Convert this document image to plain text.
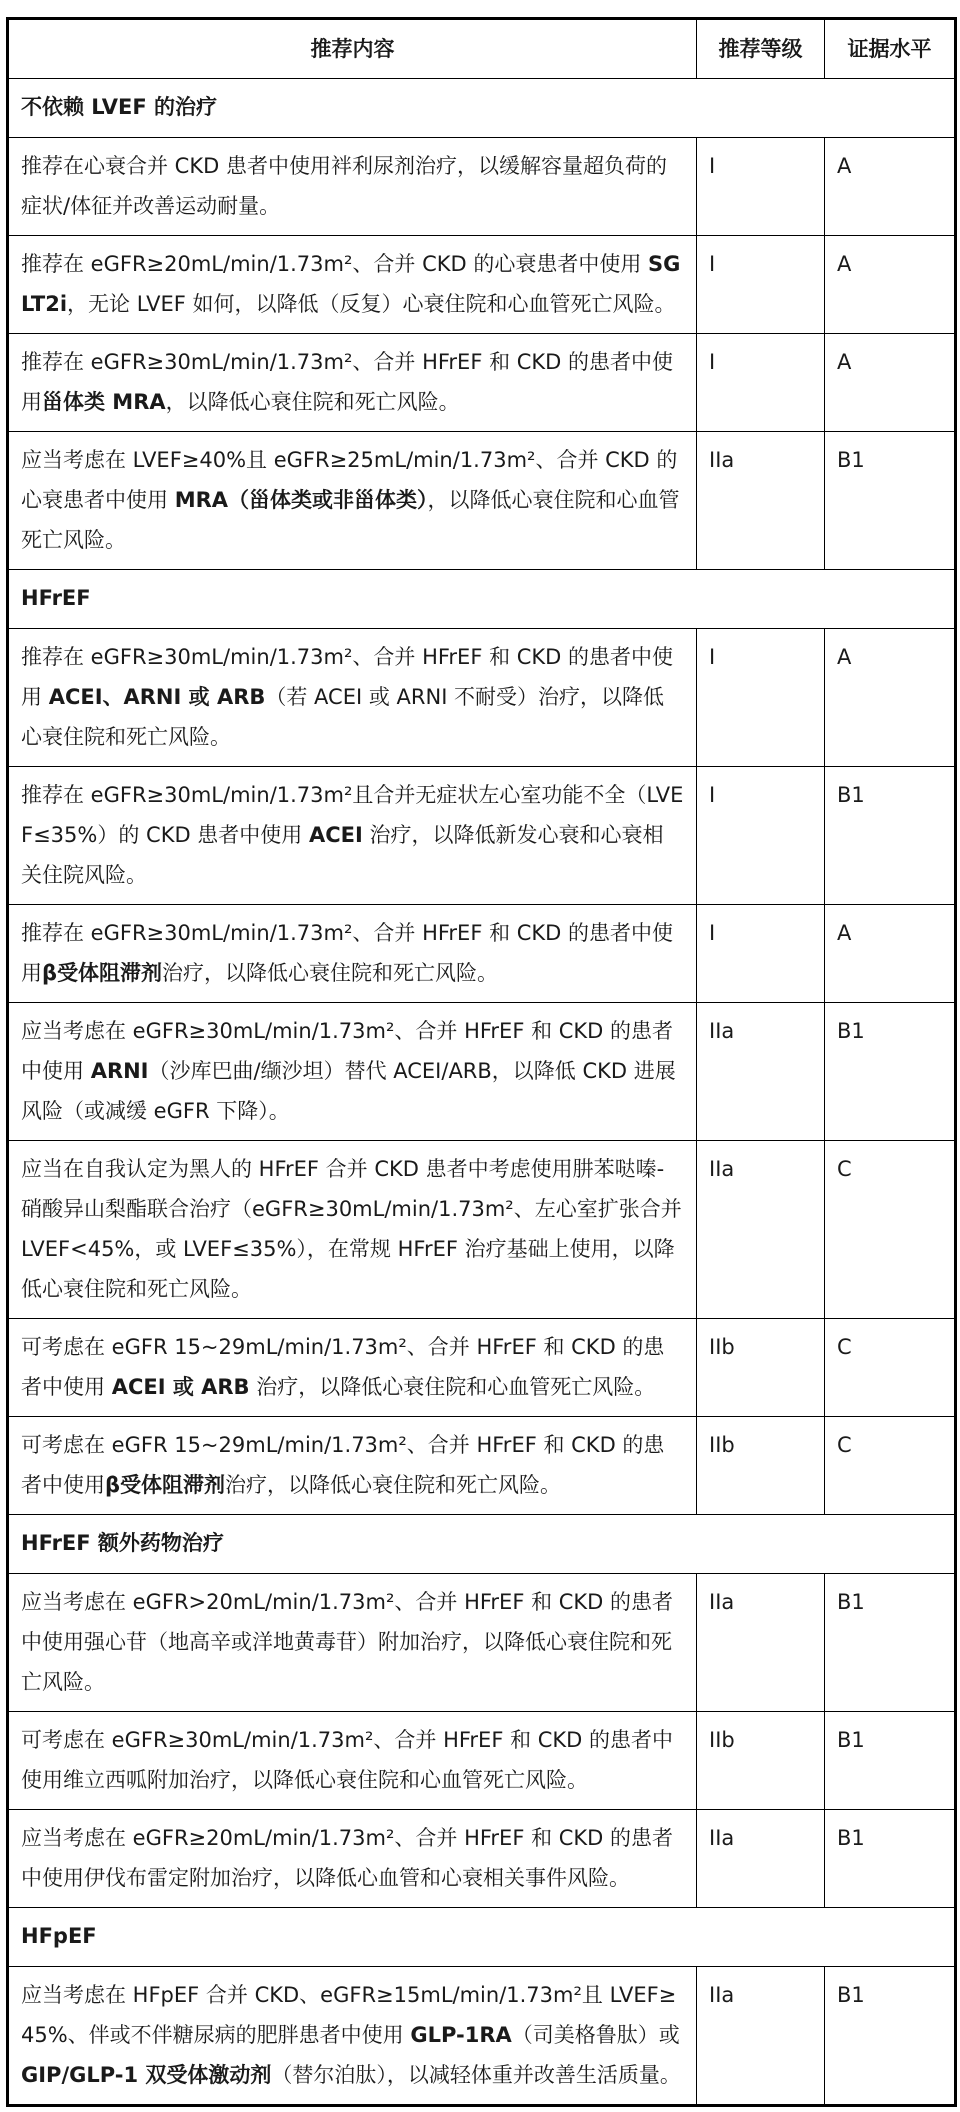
推荐内容	推荐等级	证据水平
不依赖 LVEF 的治疗		
推荐在心衰合并 CKD 患者中使用袢利尿剂治疗，以缓解容量超负荷的症状/体征并改善运动耐量。	I	A
推荐在 eGFR≥20mL/min/1.73m²、合并 CKD 的心衰患者中使用 SGLT2i，无论 LVEF 如何，以降低（反复）心衰住院和心血管死亡风险。	I	A
推荐在 eGFR≥30mL/min/1.73m²、合并 HFrEF 和 CKD 的患者中使用甾体类 MRA，以降低心衰住院和死亡风险。	I	A
应当考虑在 LVEF≥40%且 eGFR≥25mL/min/1.73m²、合并 CKD 的心衰患者中使用 MRA（甾体类或非甾体类），以降低心衰住院和心血管死亡风险。	IIa	B1
HFrEF		
推荐在 eGFR≥30mL/min/1.73m²、合并 HFrEF 和 CKD 的患者中使用 ACEI、ARNI 或 ARB（若 ACEI 或 ARNI 不耐受）治疗，以降低心衰住院和死亡风险。	I	A
推荐在 eGFR≥30mL/min/1.73m²且合并无症状左心室功能不全（LVEF≤35%）的 CKD 患者中使用 ACEI 治疗，以降低新发心衰和心衰相关住院风险。	I	B1
推荐在 eGFR≥30mL/min/1.73m²、合并 HFrEF 和 CKD 的患者中使用β受体阻滞剂治疗，以降低心衰住院和死亡风险。	I	A
应当考虑在 eGFR≥30mL/min/1.73m²、合并 HFrEF 和 CKD 的患者中使用 ARNI（沙库巴曲/缬沙坦）替代 ACEI/ARB，以降低 CKD 进展风险（或减缓 eGFR 下降）。	IIa	B1
应当在自我认定为黑人的 HFrEF 合并 CKD 患者中考虑使用肼苯哒嗪-硝酸异山梨酯联合治疗（eGFR≥30mL/min/1.73m²、左心室扩张合并 LVEF<45%，或 LVEF≤35%），在常规 HFrEF 治疗基础上使用，以降低心衰住院和死亡风险。	IIa	C
可考虑在 eGFR 15~29mL/min/1.73m²、合并 HFrEF 和 CKD 的患者中使用 ACEI 或 ARB 治疗，以降低心衰住院和心血管死亡风险。	IIb	C
可考虑在 eGFR 15~29mL/min/1.73m²、合并 HFrEF 和 CKD 的患者中使用β受体阻滞剂治疗，以降低心衰住院和死亡风险。	IIb	C
HFrEF 额外药物治疗		
应当考虑在 eGFR>20mL/min/1.73m²、合并 HFrEF 和 CKD 的患者中使用强心苷（地高辛或洋地黄毒苷）附加治疗，以降低心衰住院和死亡风险。	IIa	B1
可考虑在 eGFR≥30mL/min/1.73m²、合并 HFrEF 和 CKD 的患者中使用维立西呱附加治疗，以降低心衰住院和心血管死亡风险。	IIb	B1
应当考虑在 eGFR≥20mL/min/1.73m²、合并 HFrEF 和 CKD 的患者中使用伊伐布雷定附加治疗，以降低心血管和心衰相关事件风险。	IIa	B1
HFpEF		
应当考虑在 HFpEF 合并 CKD、eGFR≥15mL/min/1.73m²且 LVEF≥45%、伴或不伴糖尿病的肥胖患者中使用 GLP-1RA（司美格鲁肽）或 GIP/GLP-1 双受体激动剂（替尔泊肽），以减轻体重并改善生活质量。	IIa	B1
